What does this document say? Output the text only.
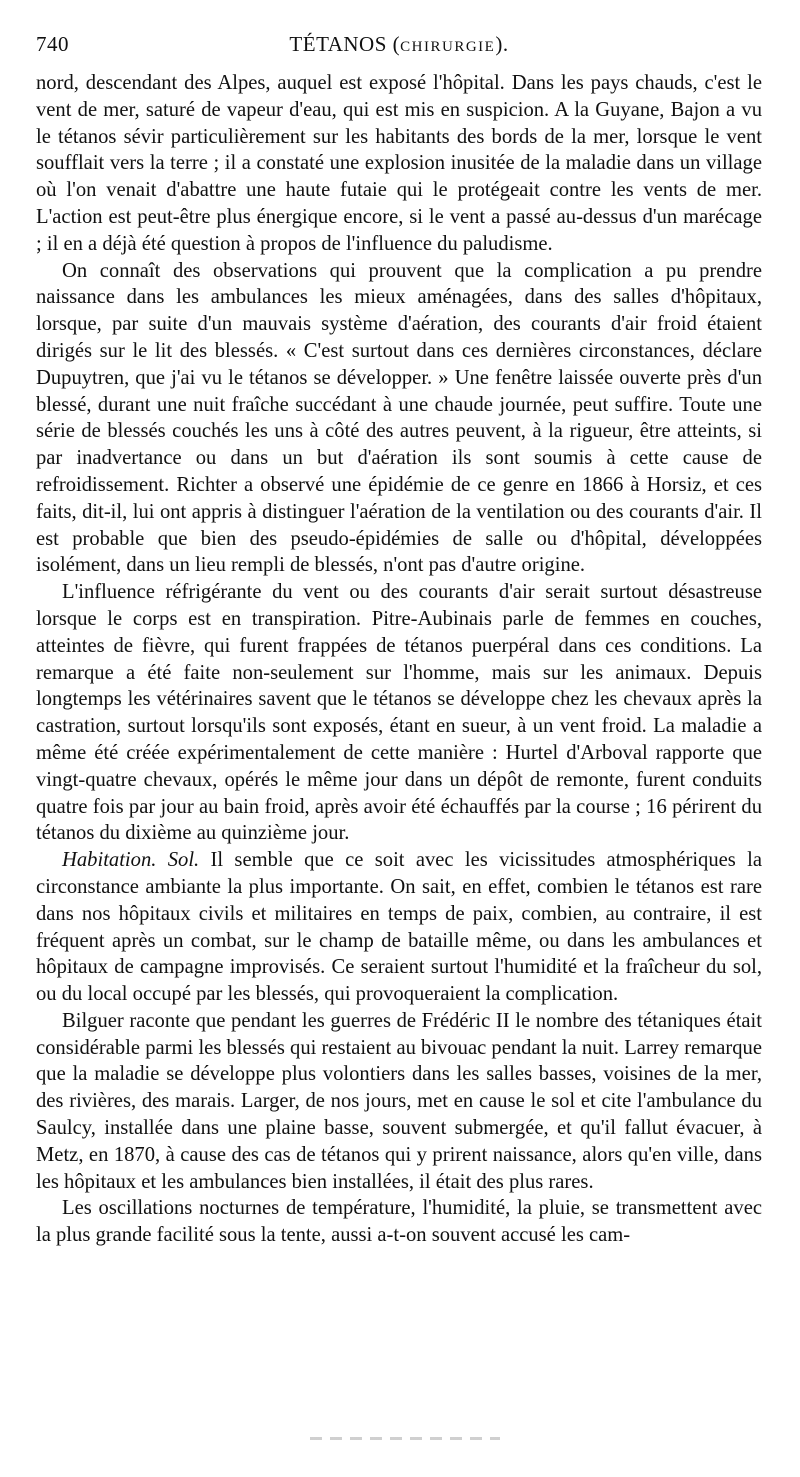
740	TÉTANOS (CHIRURGIE).

nord, descendant des Alpes, auquel est exposé l'hôpital. Dans les pays chauds, c'est le vent de mer, saturé de vapeur d'eau, qui est mis en suspicion. A la Guyane, Bajon a vu le tétanos sévir particulièrement sur les habitants des bords de la mer, lorsque le vent soufflait vers la terre ; il a constaté une explosion inusitée de la maladie dans un village où l'on venait d'abattre une haute futaie qui le protégeait contre les vents de mer. L'action est peut-être plus énergique encore, si le vent a passé au-dessus d'un marécage ; il en a déjà été question à propos de l'influence du paludisme.

On connaît des observations qui prouvent que la complication a pu prendre naissance dans les ambulances les mieux aménagées, dans des salles d'hôpitaux, lorsque, par suite d'un mauvais système d'aération, des courants d'air froid étaient dirigés sur le lit des blessés. « C'est surtout dans ces dernières circonstances, déclare Dupuytren, que j'ai vu le tétanos se développer. » Une fenêtre laissée ouverte près d'un blessé, durant une nuit fraîche succédant à une chaude journée, peut suffire. Toute une série de blessés couchés les uns à côté des autres peuvent, à la rigueur, être atteints, si par inadvertance ou dans un but d'aération ils sont soumis à cette cause de refroidissement. Richter a observé une épidémie de ce genre en 1866 à Horsiz, et ces faits, dit-il, lui ont appris à distinguer l'aération de la ventilation ou des courants d'air. Il est probable que bien des pseudo-épidémies de salle ou d'hôpital, développées isolément, dans un lieu rempli de blessés, n'ont pas d'autre origine.

L'influence réfrigérante du vent ou des courants d'air serait surtout désastreuse lorsque le corps est en transpiration. Pitre-Aubinais parle de femmes en couches, atteintes de fièvre, qui furent frappées de tétanos puerpéral dans ces conditions. La remarque a été faite non-seulement sur l'homme, mais sur les animaux. Depuis longtemps les vétérinaires savent que le tétanos se développe chez les chevaux après la castration, surtout lorsqu'ils sont exposés, étant en sueur, à un vent froid. La maladie a même été créée expérimentalement de cette manière : Hurtel d'Arboval rapporte que vingt-quatre chevaux, opérés le même jour dans un dépôt de remonte, furent conduits quatre fois par jour au bain froid, après avoir été échauffés par la course ; 16 périrent du tétanos du dixième au quinzième jour.

Habitation. Sol. Il semble que ce soit avec les vicissitudes atmosphériques la circonstance ambiante la plus importante. On sait, en effet, combien le tétanos est rare dans nos hôpitaux civils et militaires en temps de paix, combien, au contraire, il est fréquent après un combat, sur le champ de bataille même, ou dans les ambulances et hôpitaux de campagne improvisés. Ce seraient surtout l'humidité et la fraîcheur du sol, ou du local occupé par les blessés, qui provoqueraient la complication.

Bilguer raconte que pendant les guerres de Frédéric II le nombre des tétaniques était considérable parmi les blessés qui restaient au bivouac pendant la nuit. Larrey remarque que la maladie se développe plus volontiers dans les salles basses, voisines de la mer, des rivières, des marais. Larger, de nos jours, met en cause le sol et cite l'ambulance du Saulcy, installée dans une plaine basse, souvent submergée, et qu'il fallut évacuer, à Metz, en 1870, à cause des cas de tétanos qui y prirent naissance, alors qu'en ville, dans les hôpitaux et les ambulances bien installées, il était des plus rares.

Les oscillations nocturnes de température, l'humidité, la pluie, se transmettent avec la plus grande facilité sous la tente, aussi a-t-on souvent accusé les cam-
